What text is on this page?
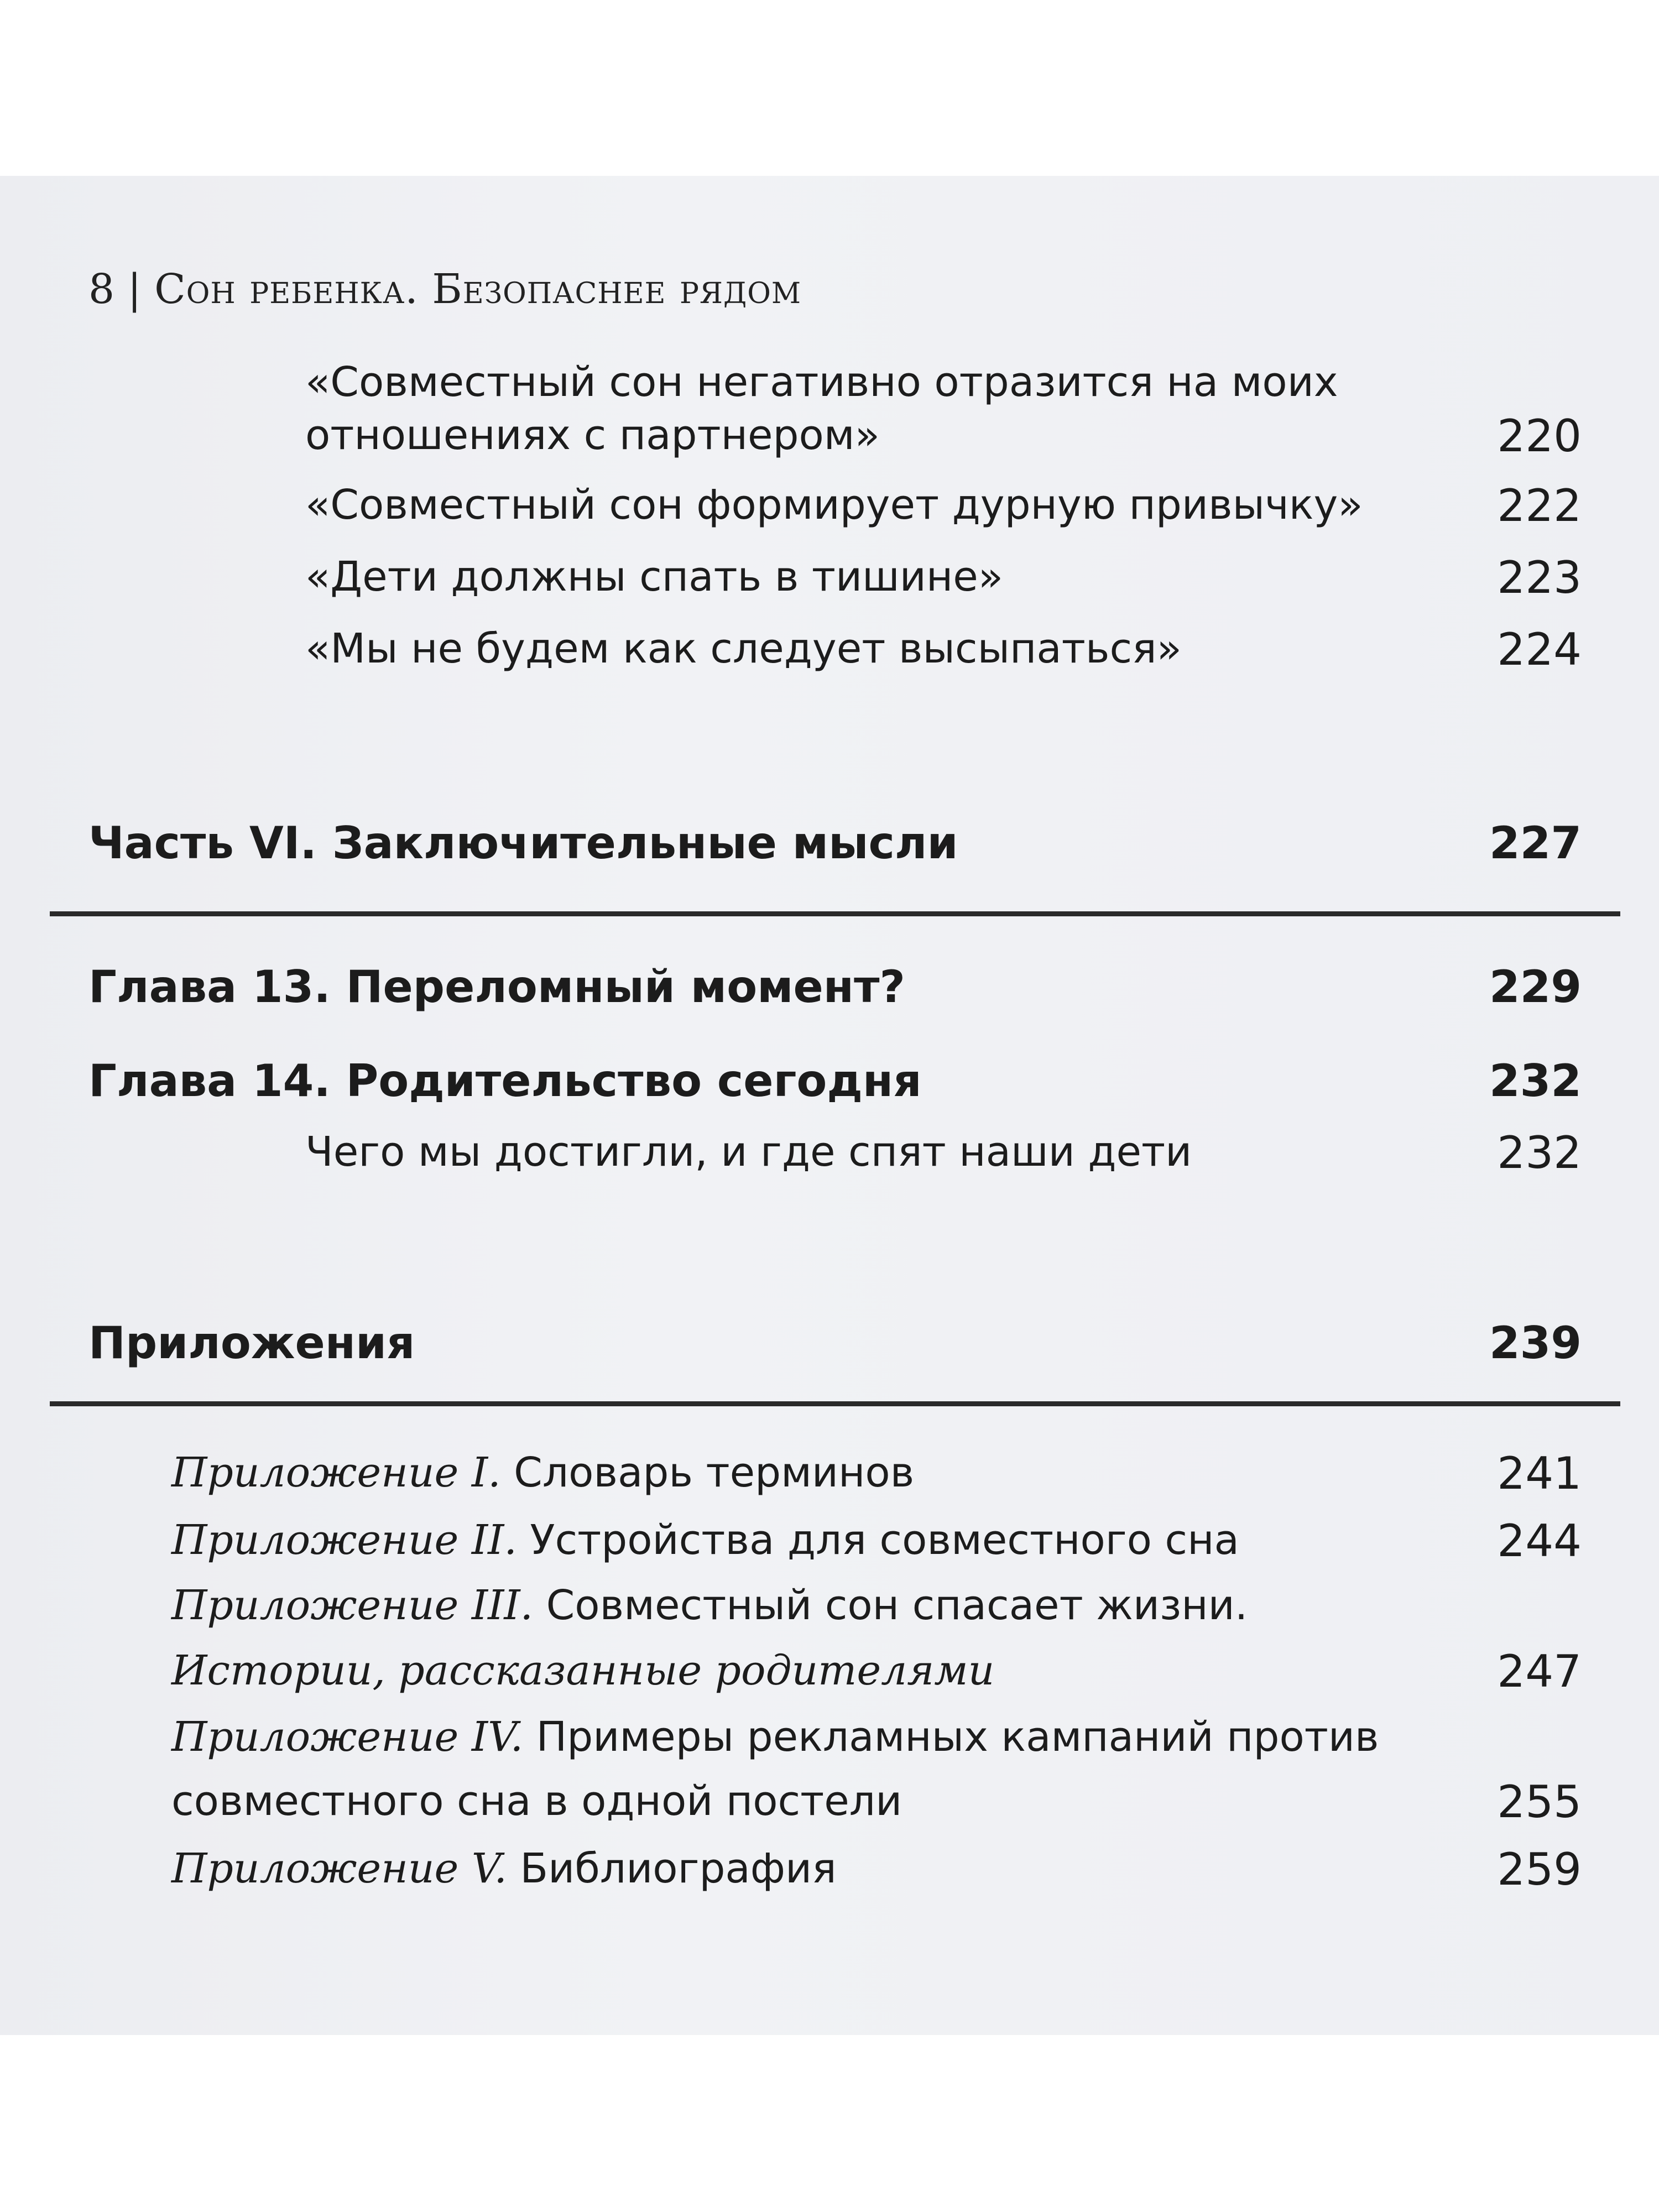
8 | Сон ребенка. Безопаснее рядом
«Совместный сон негативно отразится на моих
отношениях с партнером»	220
«Совместный сон формирует дурную привычку»	222
«Дети должны спать в тишине»	223
«Мы не будем как следует высыпаться»	224
Часть VI. Заключительные мысли	227
Глава 13. Переломный момент?	229
Глава 14. Родительство сегодня	232
Чего мы достигли, и где спят наши дети	232
Приложения	239
Приложение I. Словарь терминов	241
Приложение II. Устройства для совместного сна	244
Приложение III. Совместный сон спасает жизни.
Истории, рассказанные родителями	247
Приложение IV. Примеры рекламных кампаний против
совместного сна в одной постели	255
Приложение V. Библиография	259
